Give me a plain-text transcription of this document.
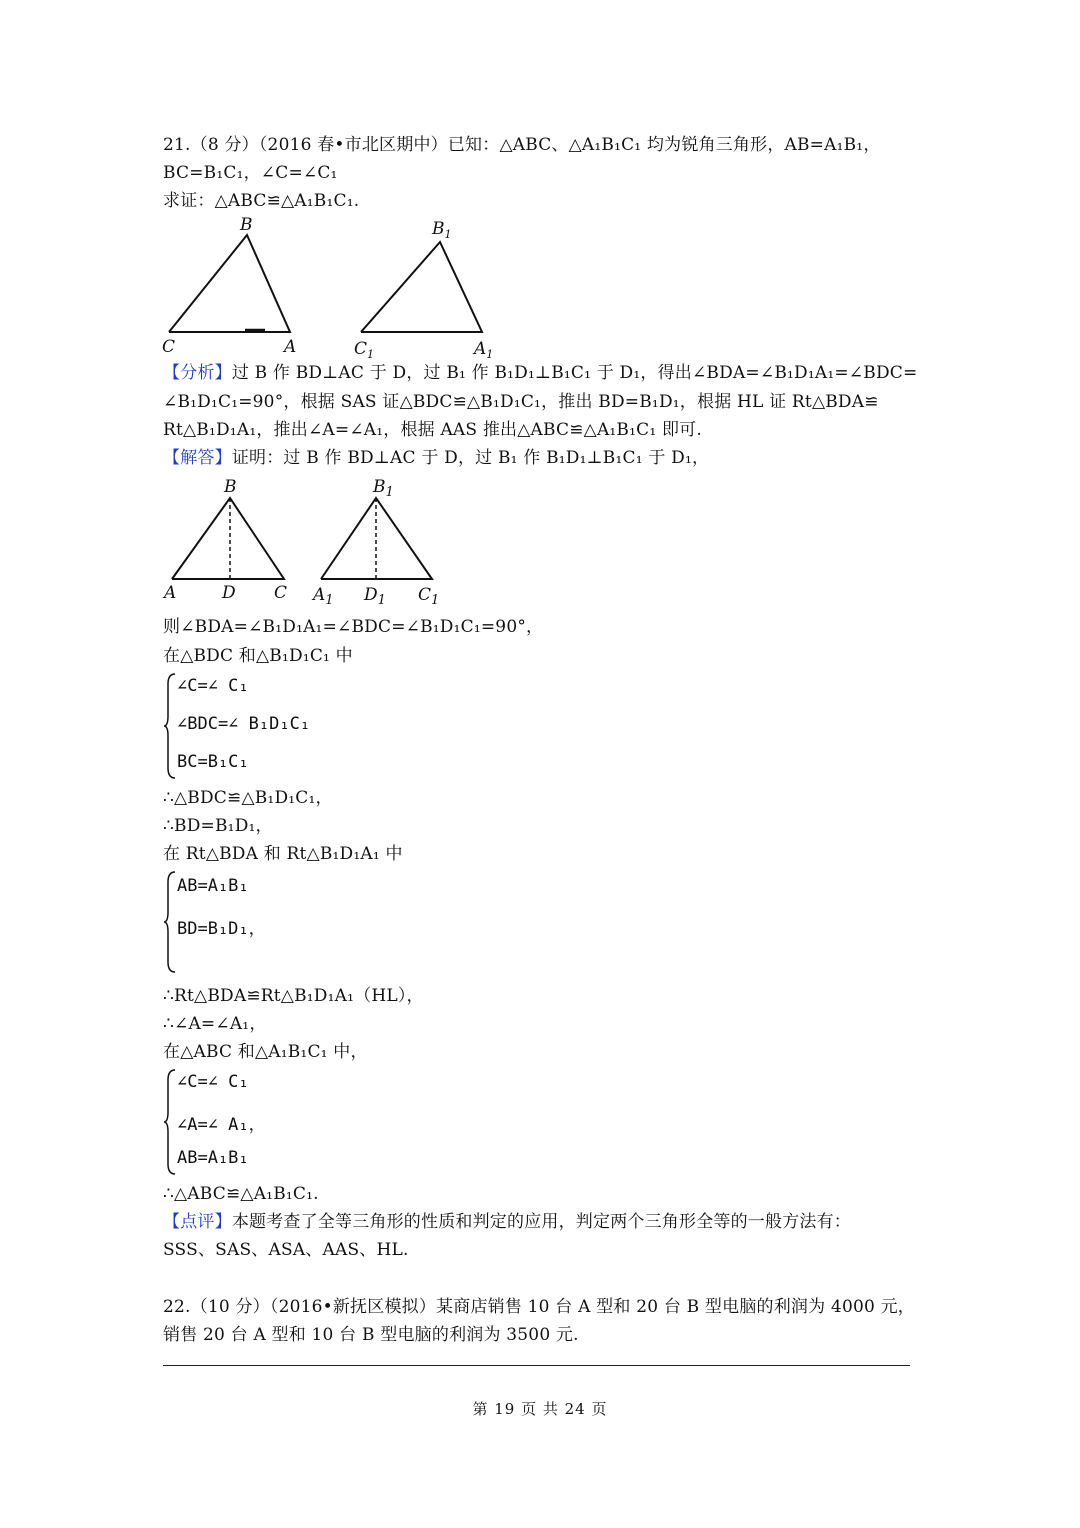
21.（8 分）（2016 春•市北区期中）已知：△ABC、△A₁B₁C₁ 均为锐角三角形，AB=A₁B₁，
BC=B₁C₁，∠C=∠C₁
求证：△ABC≌△A₁B₁C₁.
B
C	A
$B_1$
$C_1$	$A_1$
【分析】过 B 作 BD⊥AC 于 D，过 B₁ 作 B₁D₁⊥B₁C₁ 于 D₁，得出∠BDA=∠B₁D₁A₁=∠BDC=
∠B₁D₁C₁=90°，根据 SAS 证△BDC≌△B₁D₁C₁，推出 BD=B₁D₁，根据 HL 证 Rt△BDA≌
Rt△B₁D₁A₁，推出∠A=∠A₁，根据 AAS 推出△ABC≌△A₁B₁C₁ 即可.
【解答】证明：过 B 作 BD⊥AC 于 D，过 B₁ 作 B₁D₁⊥B₁C₁ 于 D₁，
B
A	D C
$B_1$
$A_1$ $D_1$ $C_1$
则∠BDA=∠B₁D₁A₁=∠BDC=∠B₁D₁C₁=90°，
在△BDC 和△B₁D₁C₁ 中
∠C=∠ C₁
∠BDC=∠ B₁D₁C₁
BC=B₁C₁
∴△BDC≌△B₁D₁C₁，
∴BD=B₁D₁，
在 Rt△BDA 和 Rt△B₁D₁A₁ 中
AB=A₁B₁
BD=B₁D₁，
∴Rt△BDA≌Rt△B₁D₁A₁（HL），
∴∠A=∠A₁，
在△ABC 和△A₁B₁C₁ 中，
∠C=∠ C₁
∠A=∠ A₁，
AB=A₁B₁
∴△ABC≌△A₁B₁C₁.
【点评】本题考查了全等三角形的性质和判定的应用，判定两个三角形全等的一般方法有：
SSS、SAS、ASA、AAS、HL.
22.（10 分）（2016•新抚区模拟）某商店销售 10 台 A 型和 20 台 B 型电脑的利润为 4000 元，
销售 20 台 A 型和 10 台 B 型电脑的利润为 3500 元.
第 19 页 共 24 页
